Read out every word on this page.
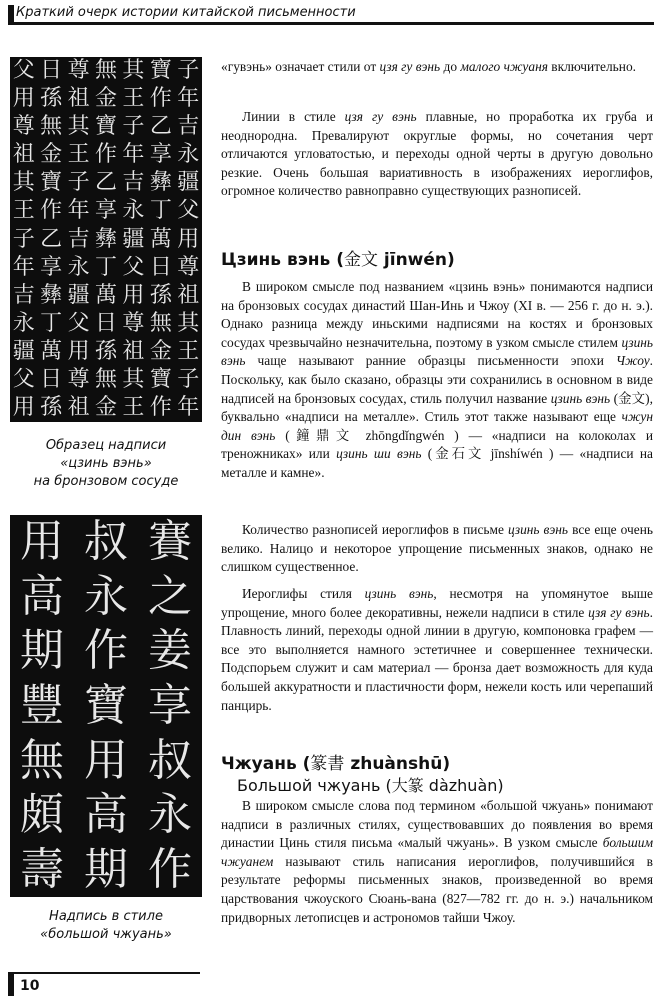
Краткий очерк истории китайской письменности
子
年
吉
永
疆
父
用
尊
祖
其
王
子
年
寶
作
乙
享
彝
丁
萬
日
孫
無
金
寶
作
其
王
子
年
吉
永
疆
父
用
尊
祖
其
王
無
金
寶
作
乙
享
彝
丁
萬
日
孫
無
金
尊
祖
其
王
子
年
吉
永
疆
父
用
尊
祖
日
孫
無
金
寶
作
乙
享
彝
丁
萬
日
孫
父
用
尊
祖
其
王
子
年
吉
永
疆
父
用
Образец надписи
«цзинь вэнь»
на бронзовом сосуде
賽
之
姜
享
叔
永
作
叔
永
作
寶
用
高
期
用
高
期
豐
無
頗
壽
Надпись в стиле
«большой чжуань»

«гувэнь» означает стили от цзя гу вэнь до малого чжуаня включительно.

Линии в стиле цзя гу вэнь плавные, но проработка их груба и неоднородна. Превалируют округлые формы, но сочетания черт отличаются угловатостью, и переходы одной черты в другую довольно резкие. Очень большая вариативность в изображениях иероглифов, огромное количество равноправно существующих разнописей.

Цзинь вэнь (金文 jīnwén)

В широком смысле под названием «цзинь вэнь» понимаются надписи на бронзовых сосудах династий Шан-Инь и Чжоу (XI в. — 256 г. до н. э.). Однако разница между иньскими надписями на костях и бронзовых сосудах чрезвычайно незначительна, поэтому в узком смысле стилем цзинь вэнь чаще называют ранние образцы письменности эпохи Чжоу. Поскольку, как было сказано, образцы эти сохранились в основном в виде надписей на бронзовых сосудах, стиль получил название цзинь вэнь (金文), буквально «надписи на металле». Стиль этот также называют еще чжун дин вэнь (鐘鼎文 zhōngdǐngwén ) — «надписи на колоколах и треножниках» или цзинь ши вэнь (金石文 jīnshíwén ) — «надписи на металле и камне».

Количество разнописей иероглифов в письме цзинь вэнь все еще очень велико. Налицо и некоторое упрощение письменных знаков, однако не слишком существенное.

Иероглифы стиля цзинь вэнь, несмотря на упомянутое выше упрощение, много более декоративны, нежели надписи в стиле цзя гу вэнь. Плавность линий, переходы одной линии в другую, компоновка графем — все это выполняется намного эстетичнее и совершеннее технически. Подспорьем служит и сам материал — бронза дает возможность для куда большей аккуратности и пластичности форм, нежели кость или черепаший панцирь.

Чжуань (篆書 zhuànshū)
Большой чжуань (大篆 dàzhuàn)

В широком смысле слова под термином «большой чжуань» понимают надписи в различных стилях, существовавших до появления во время династии Цинь стиля письма «малый чжуань». В узком смысле большим чжуанем называют стиль написания иероглифов, получившийся в результате реформы письменных знаков, произведенной во время царствования чжоуского Сюань-вана (827—782 гг. до н. э.) начальником придворных летописцев и астрономов тайши Чжоу.

10
